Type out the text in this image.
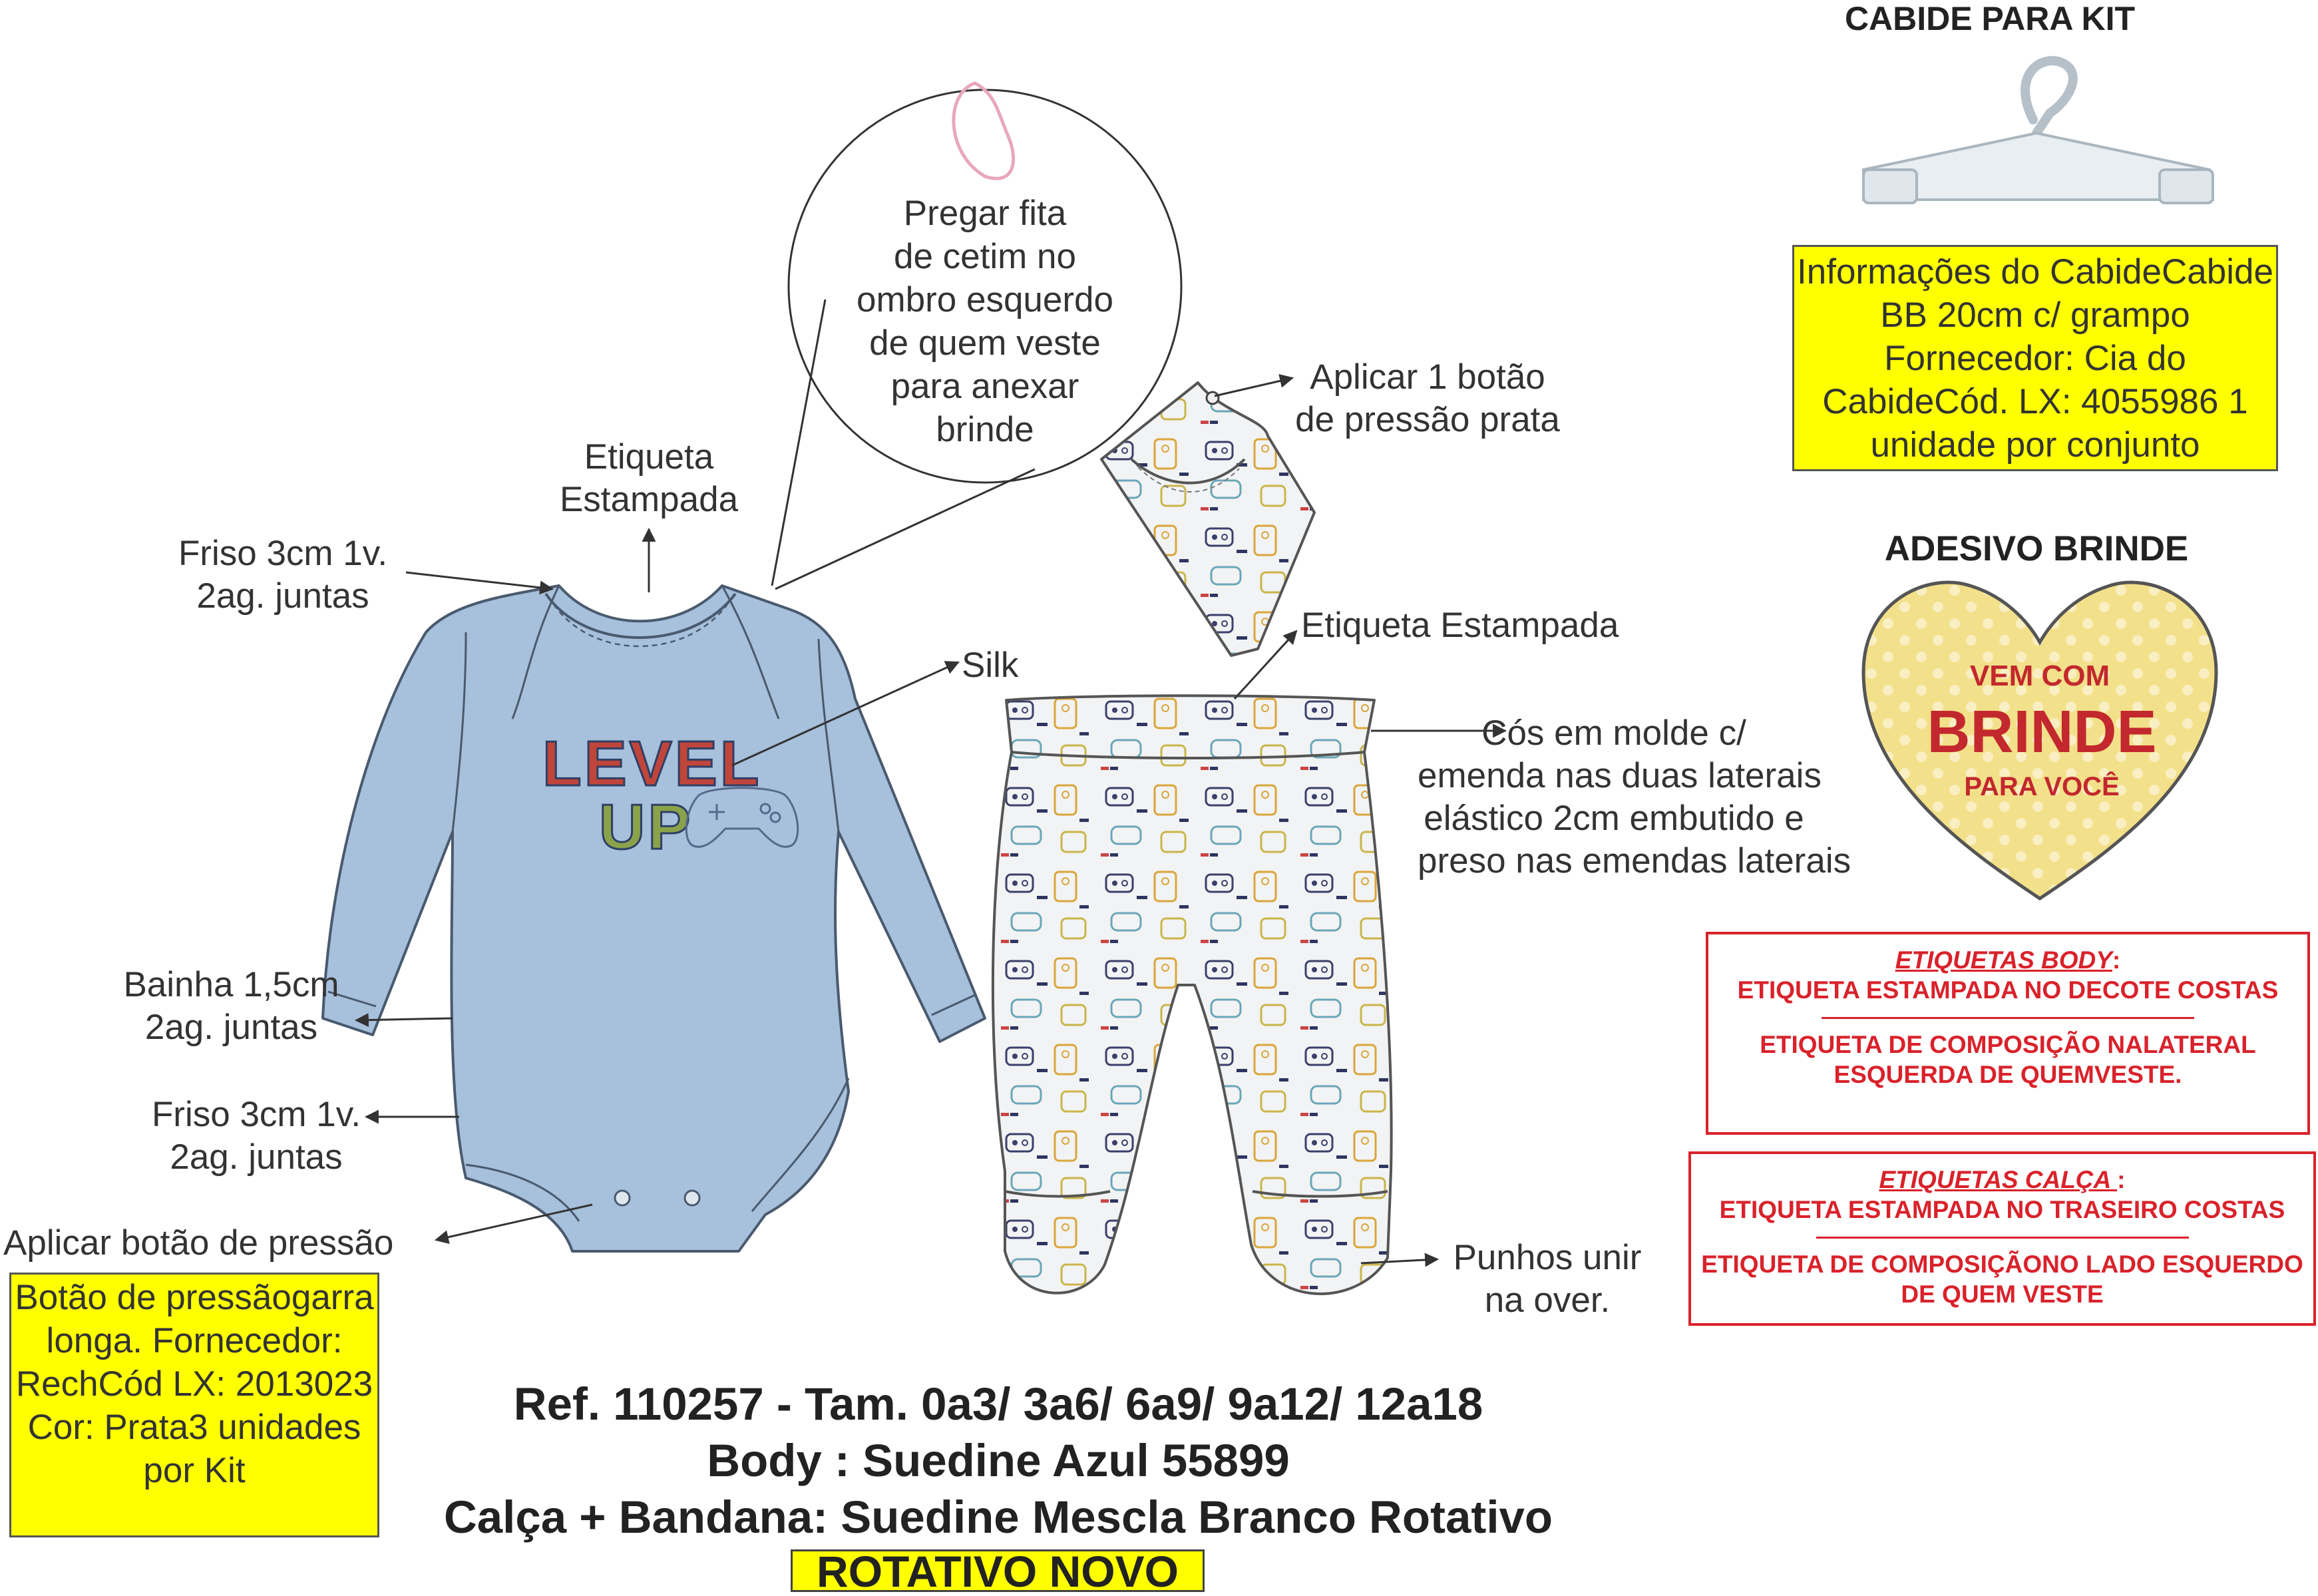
LEVEL
UP
VEM COM
BRINDE
PARA VOCÊ
Etiqueta
Estampada
Friso 3cm 1v.
2ag. juntas
Silk
Bainha 1,5cm
2ag. juntas
Friso 3cm 1v.
2ag. juntas
Aplicar botão de pressão
Pregar fita
de cetim no
ombro esquerdo
de quem veste
para anexar
brinde
Aplicar 1 botão
de pressão prata
Etiqueta Estampada
Cós em molde c/
emenda nas duas laterais
elástico 2cm embutido e
preso nas emendas laterais
Punhos unir
na over.
CABIDE PARA KIT
Informações do CabideCabide BB 20cm c/ grampo Fornecedor: Cia do CabideCód. LX: 4055986 1 unidade por conjunto
ADESIVO BRINDE
ETIQUETAS BODY:
ETIQUETA ESTAMPADA NO DECOTE COSTAS
ETIQUETA DE COMPOSIÇÃO NALATERAL ESQUERDA DE QUEMVESTE.
ETIQUETAS CALÇA :
ETIQUETA ESTAMPADA NO TRASEIRO COSTAS
ETIQUETA DE COMPOSIÇÃONO LADO ESQUERDO DE QUEM VESTE
Botão de pressãogarra longa. Fornecedor: RechCód LX: 2013023 Cor: Prata3 unidades por Kit
Ref. 110257 - Tam. 0a3/ 3a6/ 6a9/ 9a12/ 12a18
Body : Suedine Azul 55899
Calça + Bandana: Suedine Mescla Branco Rotativo
ROTATIVO NOVO
